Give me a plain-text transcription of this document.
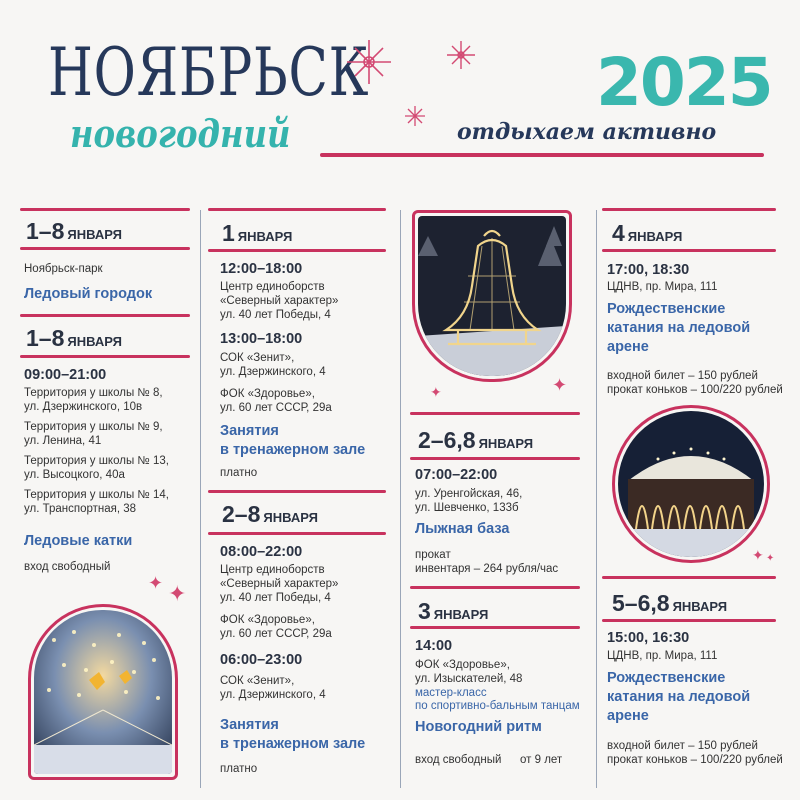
НОЯБРЬСК
новогодний
2025
отдыхаем активно
1–8 ЯНВАРЯ
Ноябрьск-парк
Ледовый городок
1–8 ЯНВАРЯ
09:00–21:00
Территория у школы № 8,
ул. Дзержинского, 10в
Территория у школы № 9,
ул. Ленина, 41
Территория у школы № 13,
ул. Высоцкого, 40а
Территория у школы № 14,
ул. Транспортная, 38
Ледовые катки
вход свободный
✦ ✦
1 ЯНВАРЯ
12:00–18:00
Центр единоборств
«Северный характер»
ул. 40 лет Победы, 4
13:00–18:00
СОК «Зенит»,
ул. Дзержинского, 4
ФОК «Здоровье»,
ул. 60 лет СССР, 29а
Занятия
в тренажерном зале
платно
2–8 ЯНВАРЯ
08:00–22:00
Центр единоборств
«Северный характер»
ул. 40 лет Победы, 4
ФОК «Здоровье»,
ул. 60 лет СССР, 29а
06:00–23:00
СОК «Зенит»,
ул. Дзержинского, 4
Занятия
в тренажерном зале
платно
✦	✦
2–6,8 ЯНВАРЯ
07:00–22:00
ул. Уренгойская, 46,
ул. Шевченко, 133б
Лыжная база
прокат
инвентаря – 264 рубля/час
3 ЯНВАРЯ
14:00
ФОК «Здоровье»,
ул. Изыскателей, 48
мастер-класс
по спортивно-бальным танцам
Новогодний ритм
вход свободный от 9 лет
4 ЯНВАРЯ
17:00, 18:30
ЦДНВ, пр. Мира, 111
Рождественские
катания на ледовой
арене
входной билет – 150 рублей
прокат коньков – 100/220 рублей
✦ ✦
5–6,8 ЯНВАРЯ
15:00, 16:30
ЦДНВ, пр. Мира, 111
Рождественские
катания на ледовой
арене
входной билет – 150 рублей
прокат коньков – 100/220 рублей
